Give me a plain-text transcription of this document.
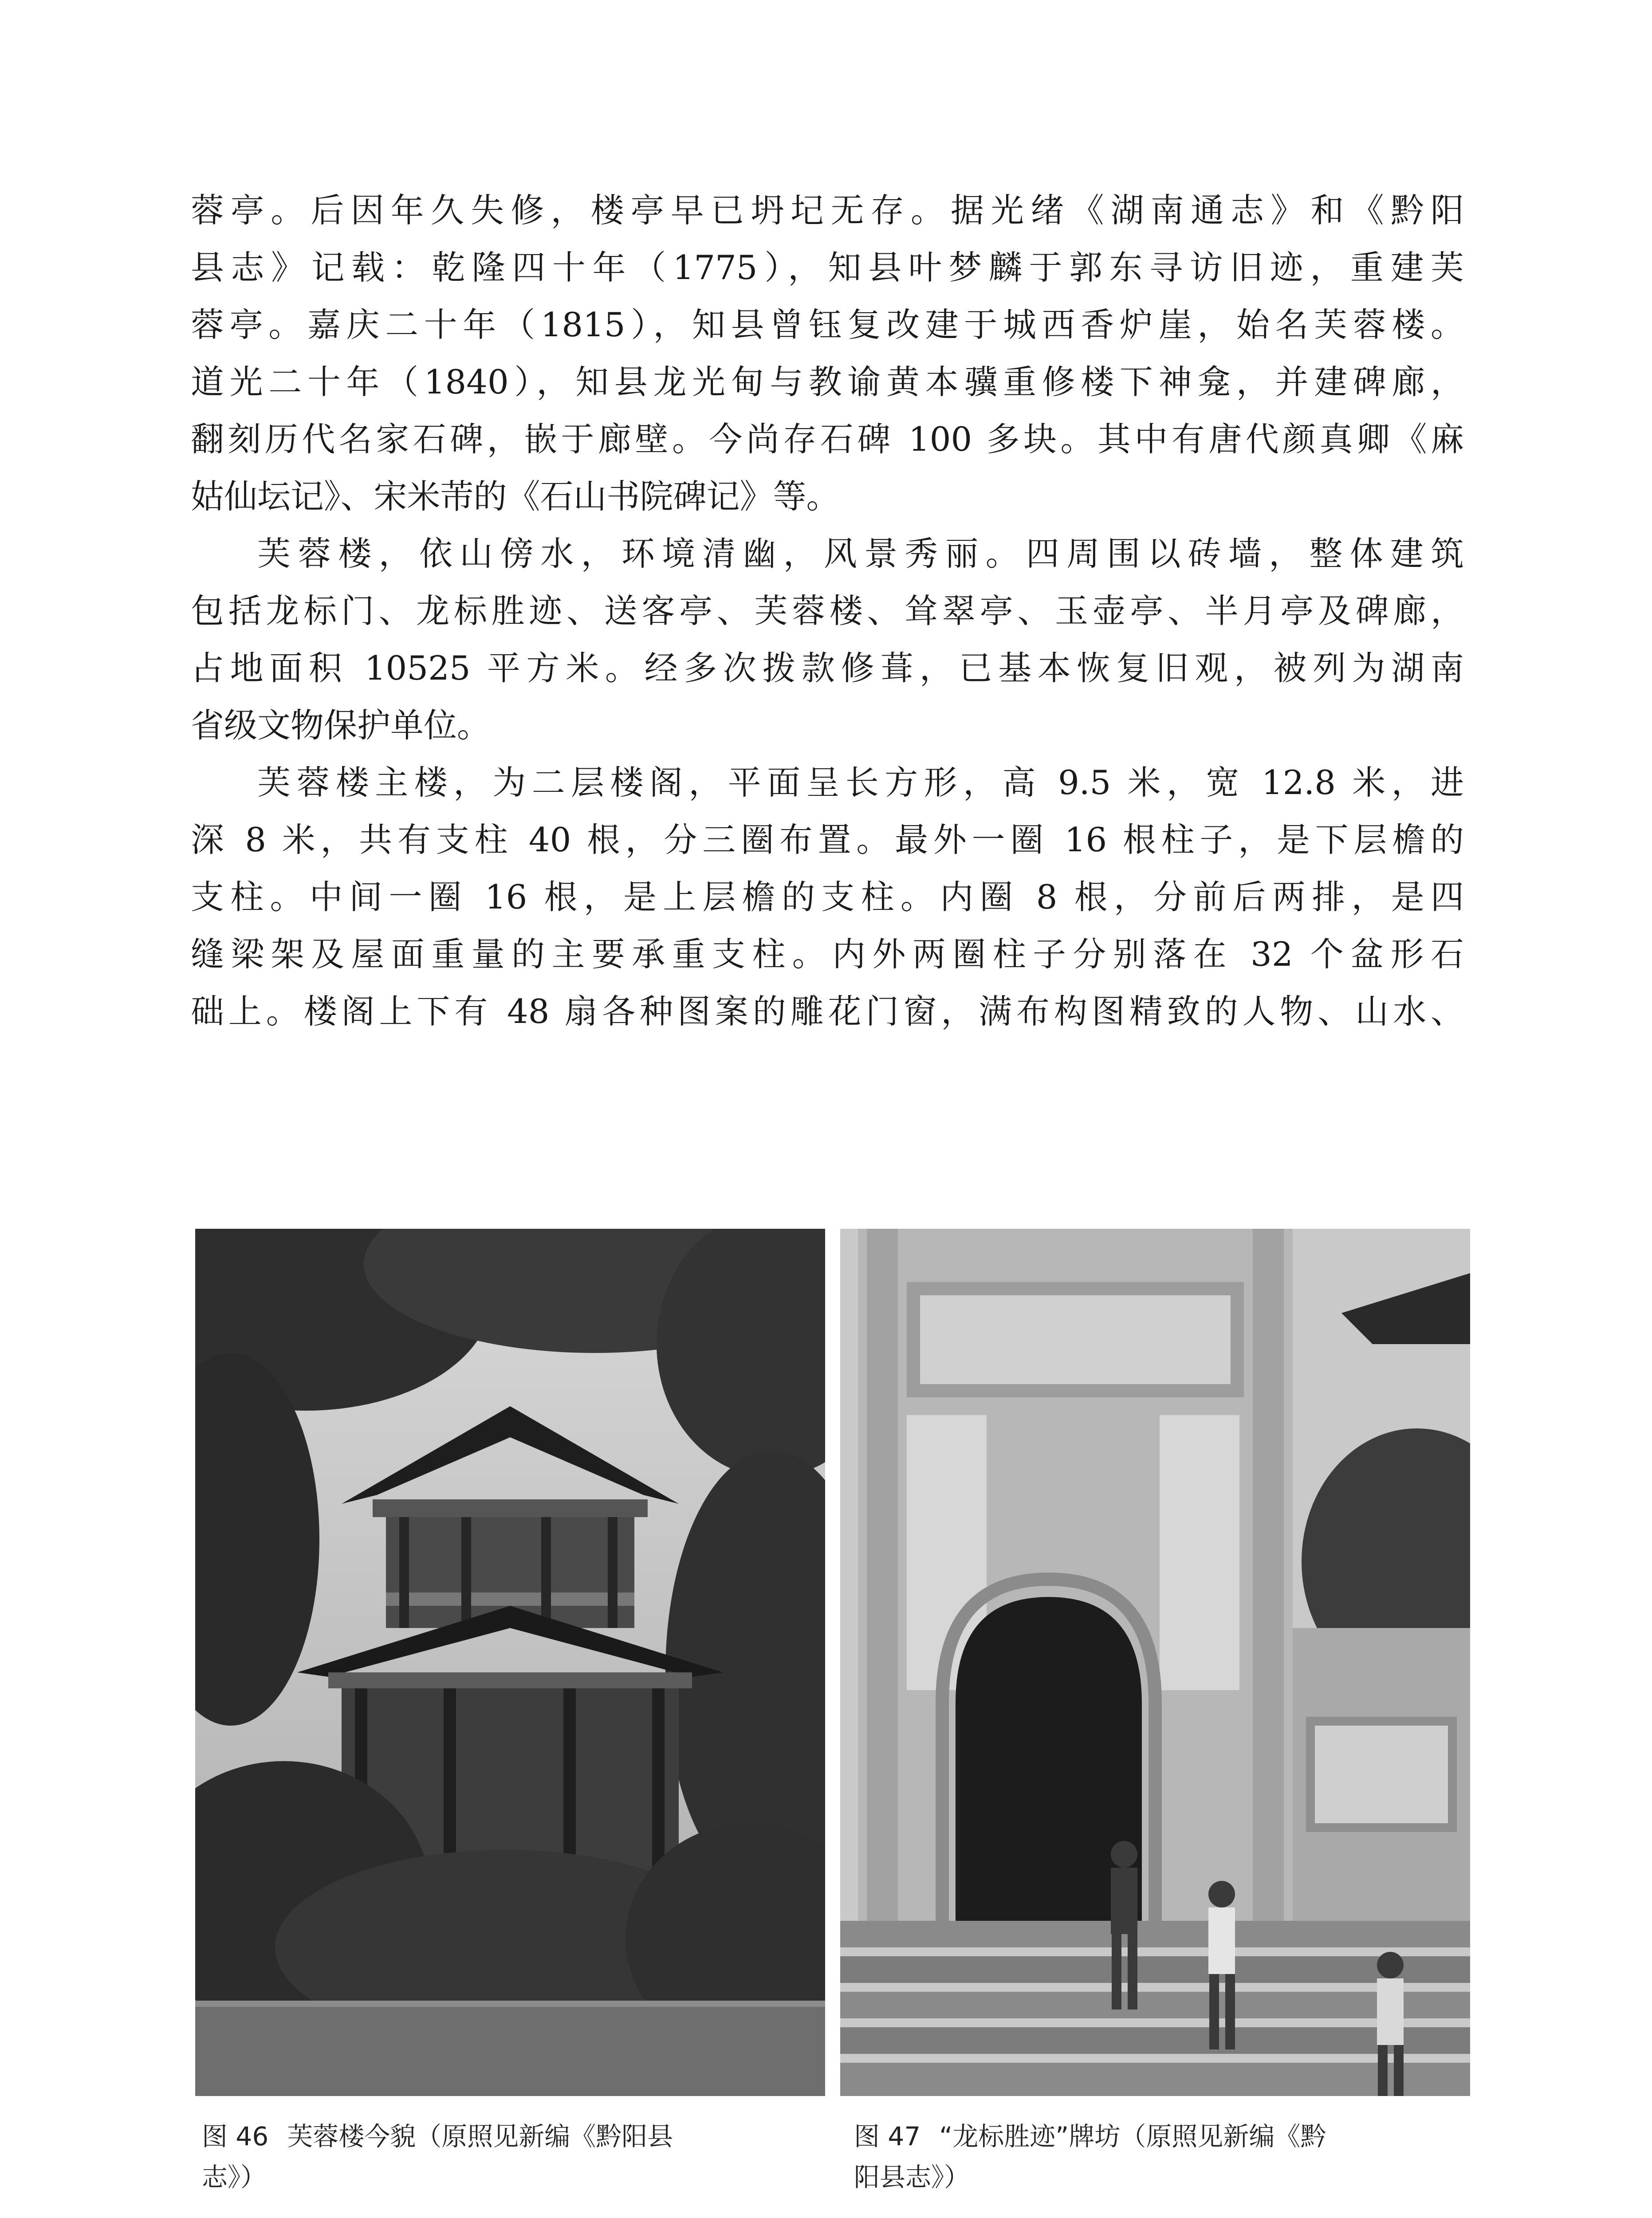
蓉亭。后因年久失修，楼亭早已坍圮无存。据光绪《湖南通志》和《黔阳
县志》记载：乾隆四十年（1775），知县叶梦麟于郭东寻访旧迹，重建芙
蓉亭。嘉庆二十年（1815），知县曾钰复改建于城西香炉崖，始名芙蓉楼。
道光二十年（1840），知县龙光甸与教谕黄本骥重修楼下神龛，并建碑廊，
翻刻历代名家石碑，嵌于廊壁。今尚存石碑 100 多块。其中有唐代颜真卿《麻
姑仙坛记》、宋米芾的《石山书院碑记》等。
芙蓉楼，依山傍水，环境清幽，风景秀丽。四周围以砖墙，整体建筑
包括龙标门、龙标胜迹、送客亭、芙蓉楼、耸翠亭、玉壶亭、半月亭及碑廊，
占地面积 10525 平方米。经多次拨款修葺，已基本恢复旧观，被列为湖南
省级文物保护单位。
芙蓉楼主楼，为二层楼阁，平面呈长方形，高 9.5 米，宽 12.8 米，进
深 8 米，共有支柱 40 根，分三圈布置。最外一圈 16 根柱子，是下层檐的
支柱。中间一圈 16 根，是上层檐的支柱。内圈 8 根，分前后两排，是四
缝梁架及屋面重量的主要承重支柱。内外两圈柱子分别落在 32 个盆形石
础上。楼阁上下有 48 扇各种图案的雕花门窗，满布构图精致的人物、山水、
图 46 芙蓉楼今貌（原照见新编《黔阳县
志》）
图 47 “龙标胜迹”牌坊（原照见新编《黔
阳县志》）
